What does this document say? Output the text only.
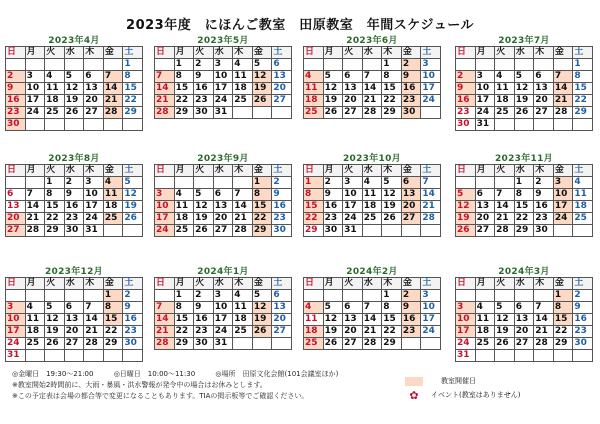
2023年度　にほんご教室　田原教室　年間スケジュール
2023年4月
日	月	火	水	木	金	土
						1
2	3	4	5	6	7	8
9	10	11	12	13	14	15
16	17	18	19	20	21	22
23	24	25	26	27	28	29
30						
2023年5月
日	月	火	水	木	金	土
	1	2	3	4	5	6
7	8	9	10	11	12	13
14	15	16	17	18	19	20
21	22	23	24	25	26	27
28	29	30	31			
2023年6月
日	月	火	水	木	金	土
				1	2	3
4	5	6	7	8	9	10
11	12	13	14	15	16	17
18	19	20	21	22	23	24
25	26	27	28	29	30	
2023年7月
日	月	火	水	木	金	土
						1
2	3	4	5	6	7	8
9	10	11	12	13	14	15
16	17	18	19	20	21	22
23	24	25	26	27	28	29
30	31					
2023年8月
日	月	火	水	木	金	土
		1	2	3	4	5
6	7	8	9	10	11	12
13	14	15	16	17	18	19
20	21	22	23	24	25	26
27	28	29	30	31		
2023年9月
日	月	火	水	木	金	土
					1	2
3	4	5	6	7	8	9
10	11	12	13	14	15	16
17	18	19	20	21	22	23
24	25	26	27	28	29	30
2023年10月
日	月	火	水	木	金	土
1	2	3	4	5	6	7
8	9	10	11	12	13	14
15	16	17	18	19	20	21
22	23	24	25	26	27	28
29	30	31				
2023年11月
日	月	火	水	木	金	土
			1	2	3	4
5	6	7	8	9	10	11
12	13	14	15	16	17	18
19	20	21	22	23	24	25
26	27	28	29	30		
2023年12月
日	月	火	水	木	金	土
					1	2
3	4	5	6	7	8	9
10	11	12	13	14	15	16
17	18	19	20	21	22	23
24	25	26	27	28	29	30
31						
2024年1月
日	月	火	水	木	金	土
	1	2	3	4	5	6
7	8	9	10	11	12	13
14	15	16	17	18	19	20
21	22	23	24	25	26	27
28	29	30	31			
2024年2月
日	月	火	水	木	金	土
				1	2	3
4	5	6	7	8	9	10
11	12	13	14	15	16	17
18	19	20	21	22	23	24
25	26	27	28	29		
2024年3月
日	月	火	水	木	金	土
					1	2
3	4	5	6	7	8	9
10	11	12	13	14	15	16
17	18	19	20	21	22	23
24	25	26	27	28	29	30
31						
◎金曜日　19:30～21:00	◎日曜日　10:00～11:30	◎場所　田原文化会館(101会議室ほか)
※教室開始2時間前に、大雨・暴風・洪水警報が発令中の場合はお休みとします。
※この予定表は会場の都合等で変更になることもあります。TIAの掲示板等でご確認ください。
教室開催日
✿	イベント(教室はありません)
